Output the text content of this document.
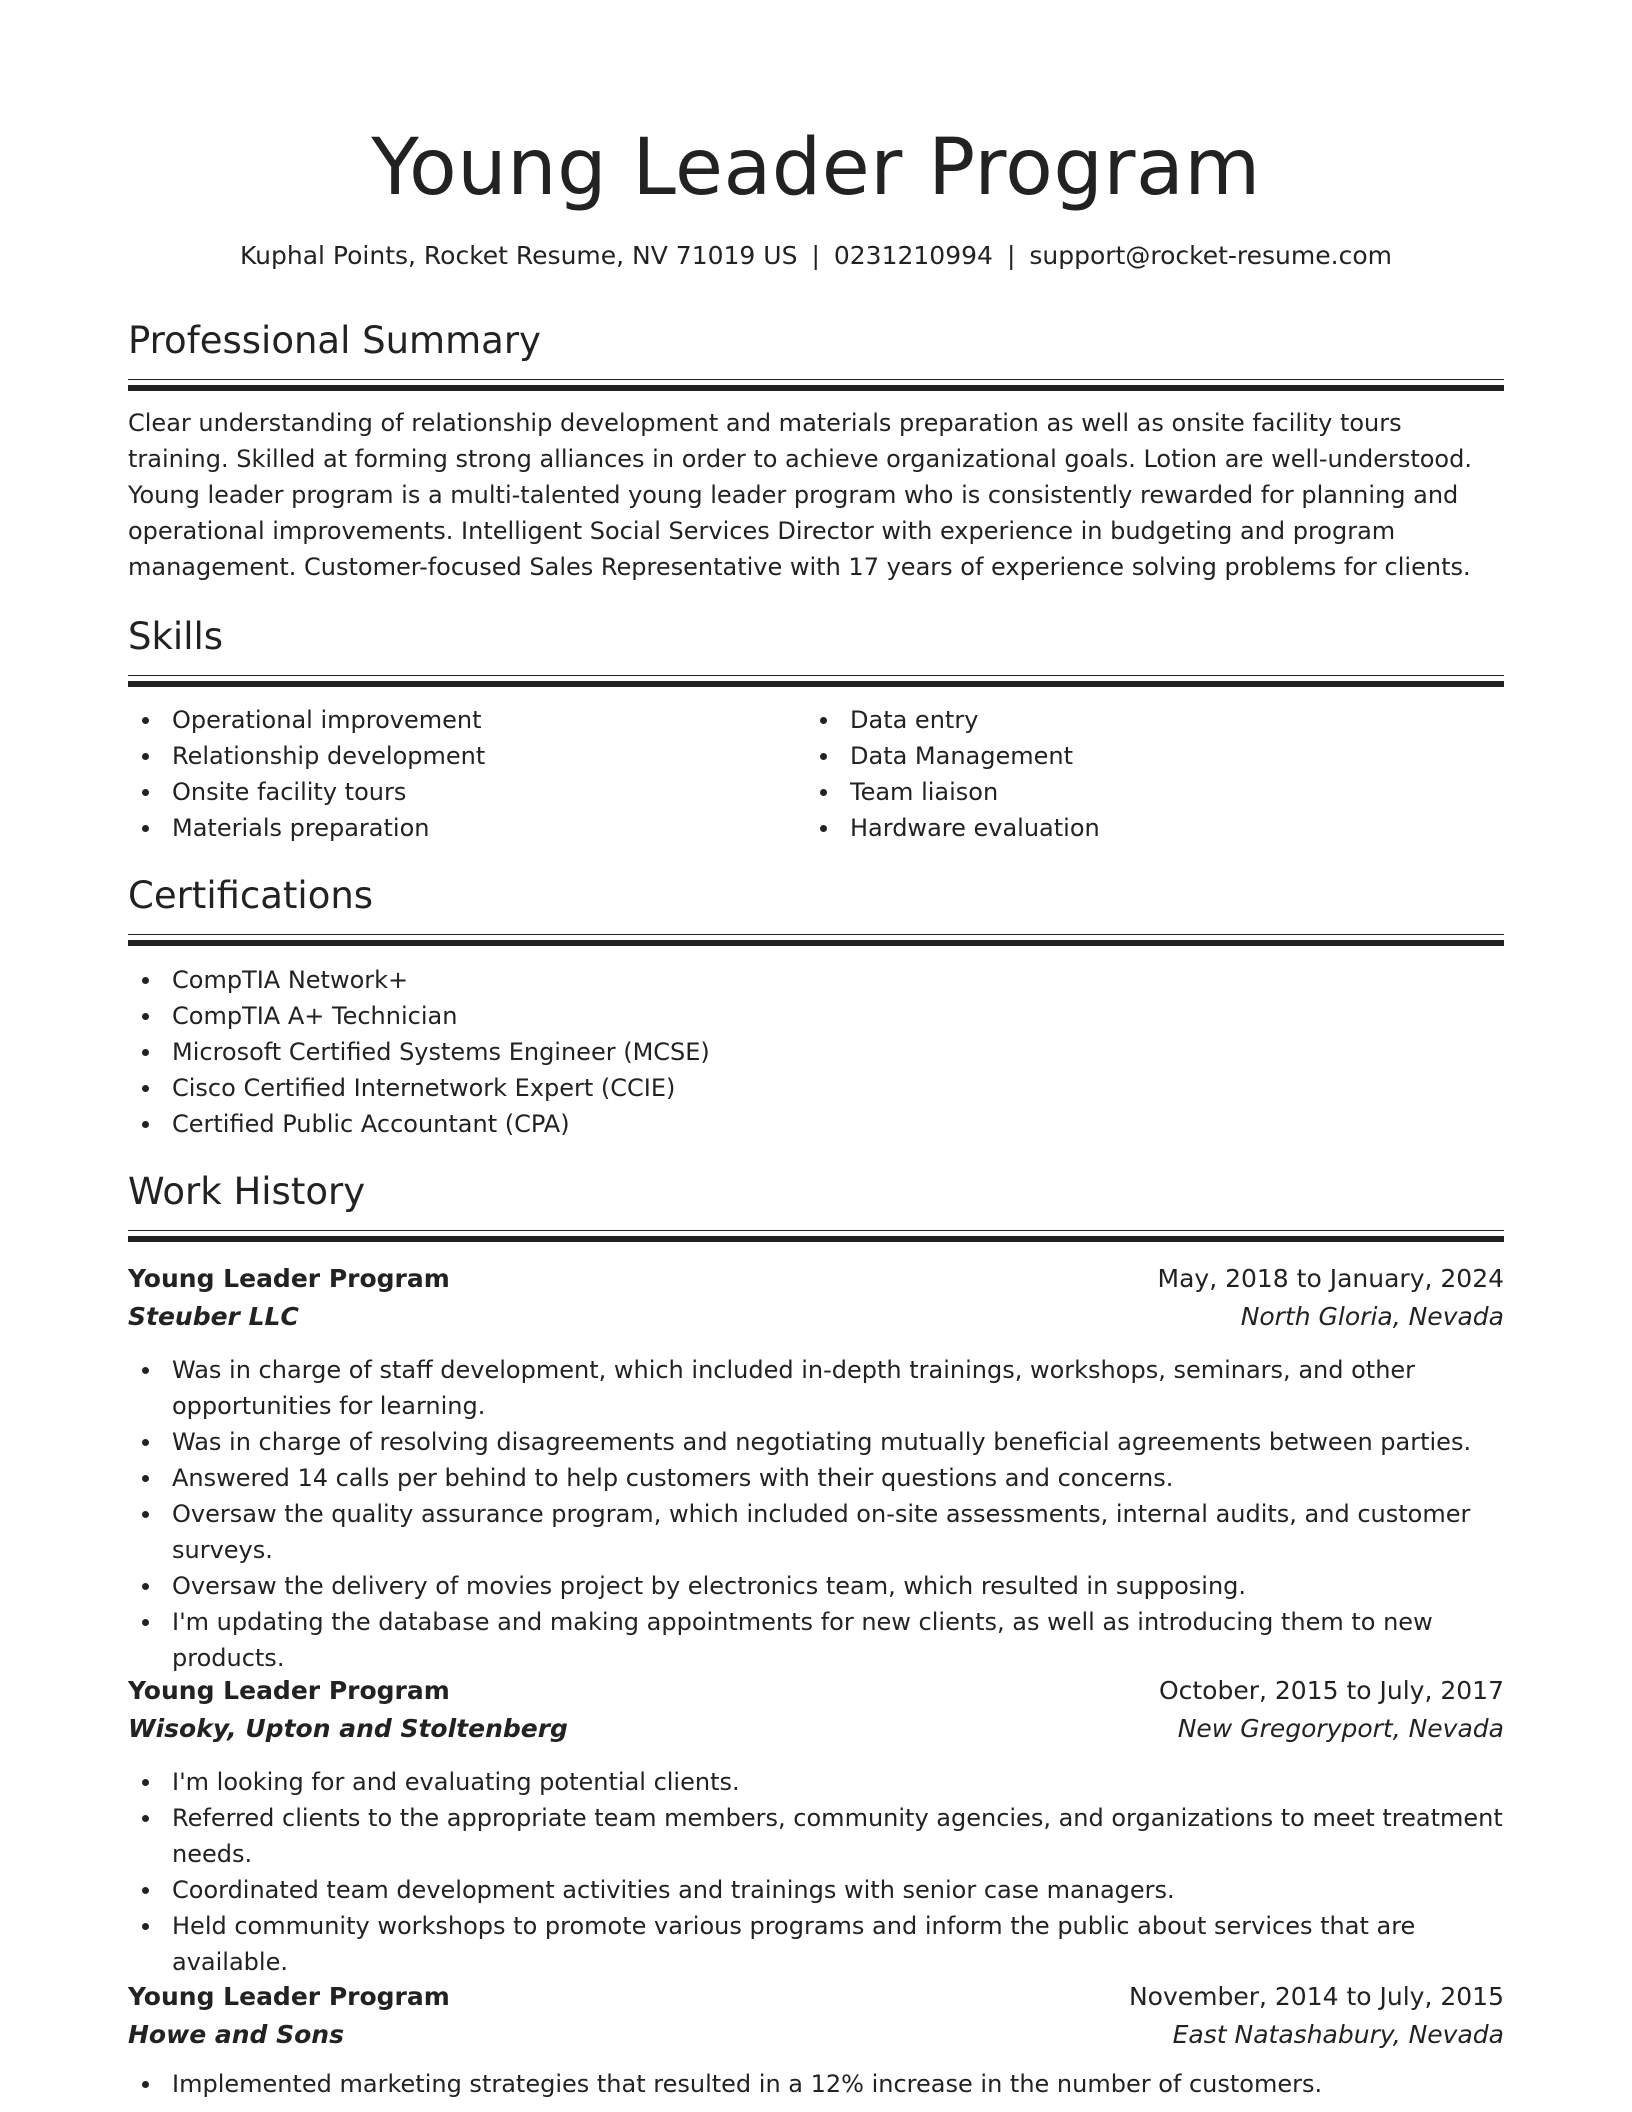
Young Leader Program
Kuphal Points, Rocket Resume, NV 71019 US | 0231210994 | support@rocket-resume.com
Professional Summary
Clear understanding of relationship development and materials preparation as well as onsite facility tours training. Skilled at forming strong alliances in order to achieve organizational goals. Lotion are well-understood. Young leader program is a multi-talented young leader program who is consistently rewarded for planning and operational improvements. Intelligent Social Services Director with experience in budgeting and program management. Customer-focused Sales Representative with 17 years of experience solving problems for clients.
Skills
Operational improvement
Relationship development
Onsite facility tours
Materials preparation
Data entry
Data Management
Team liaison
Hardware evaluation
Certifications
CompTIA Network+
CompTIA A+ Technician
Microsoft Certified Systems Engineer (MCSE)
Cisco Certified Internetwork Expert (CCIE)
Certified Public Accountant (CPA)
Work History
Young Leader Program	May, 2018 to January, 2024
Steuber LLC	North Gloria, Nevada
Was in charge of staff development, which included in-depth trainings, workshops, seminars, and other opportunities for learning.
Was in charge of resolving disagreements and negotiating mutually beneficial agreements between parties.
Answered 14 calls per behind to help customers with their questions and concerns.
Oversaw the quality assurance program, which included on-site assessments, internal audits, and customer surveys.
Oversaw the delivery of movies project by electronics team, which resulted in supposing.
I'm updating the database and making appointments for new clients, as well as introducing them to new products.
Young Leader Program	October, 2015 to July, 2017
Wisoky, Upton and Stoltenberg	New Gregoryport, Nevada
I'm looking for and evaluating potential clients.
Referred clients to the appropriate team members, community agencies, and organizations to meet treatment needs.
Coordinated team development activities and trainings with senior case managers.
Held community workshops to promote various programs and inform the public about services that are available.
Young Leader Program	November, 2014 to July, 2015
Howe and Sons	East Natashabury, Nevada
Implemented marketing strategies that resulted in a 12% increase in the number of customers.
